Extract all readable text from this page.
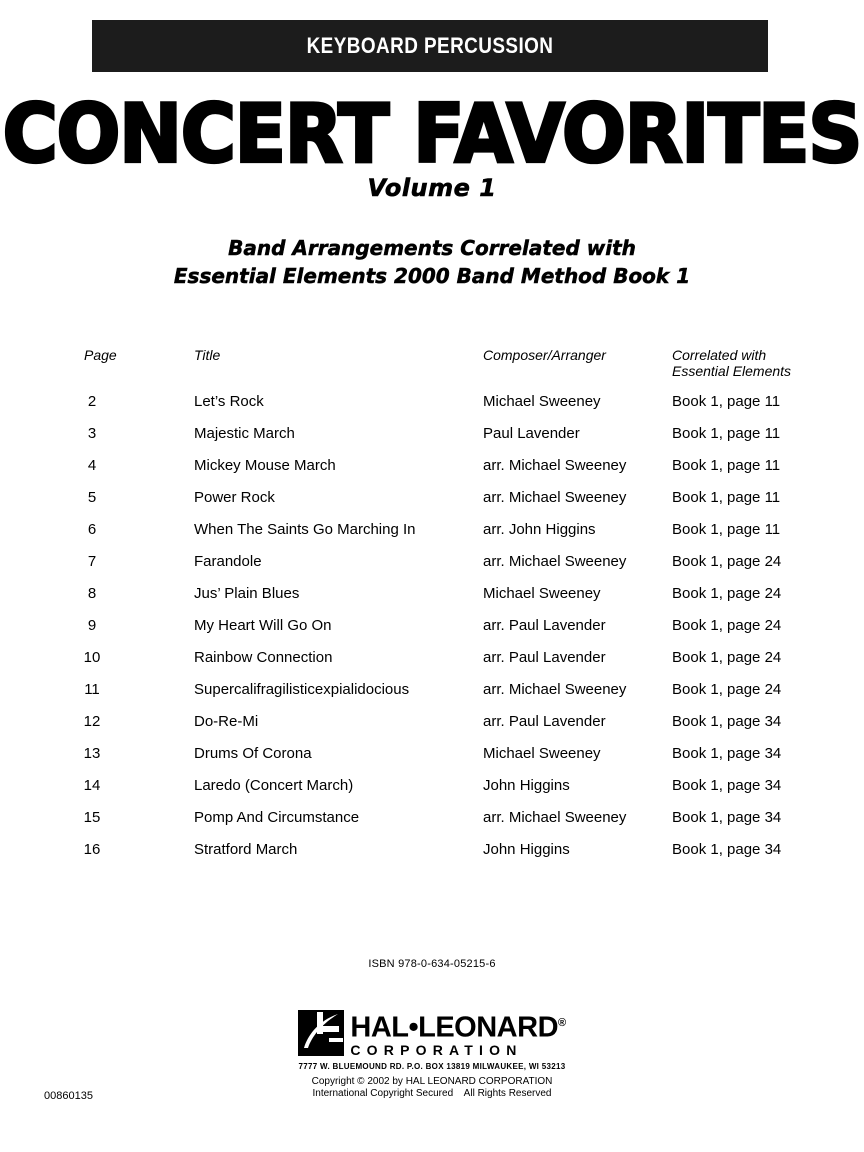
KEYBOARD PERCUSSION
CONCERT FAVORITES
Volume 1
Band Arrangements Correlated with
Essential Elements 2000 Band Method Book 1
Page	Title	Composer/Arranger	Correlated with
Essential Elements
2	Let’s Rock	Michael Sweeney	Book 1, page 11
3	Majestic March	Paul Lavender	Book 1, page 11
4	Mickey Mouse March	arr. Michael Sweeney	Book 1, page 11
5	Power Rock	arr. Michael Sweeney	Book 1, page 11
6	When The Saints Go Marching In	arr. John Higgins	Book 1, page 11
7	Farandole	arr. Michael Sweeney	Book 1, page 24
8	Jus’ Plain Blues	Michael Sweeney	Book 1, page 24
9	My Heart Will Go On	arr. Paul Lavender	Book 1, page 24
10	Rainbow Connection	arr. Paul Lavender	Book 1, page 24
11	Supercalifragilisticexpialidocious	arr. Michael Sweeney	Book 1, page 24
12	Do-Re-Mi	arr. Paul Lavender	Book 1, page 34
13	Drums Of Corona	Michael Sweeney	Book 1, page 34
14	Laredo (Concert March)	John Higgins	Book 1, page 34
15	Pomp And Circumstance	arr. Michael Sweeney	Book 1, page 34
16	Stratford March	John Higgins	Book 1, page 34
ISBN 978-0-634-05215-6
HAL•LEONARD®
CORPORATION
7777 W. BLUEMOUND RD. P.O. BOX 13819 MILWAUKEE, WI 53213
Copyright © 2002 by HAL LEONARD CORPORATION
International Copyright Secured    All Rights Reserved
00860135
